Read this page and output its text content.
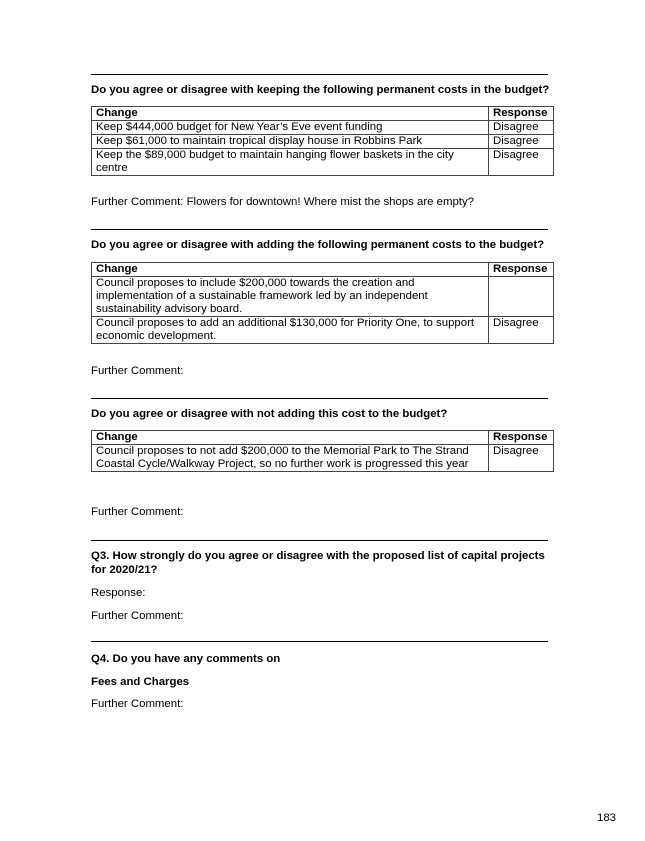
Do you agree or disagree with keeping the following permanent costs in the budget?
Change	Response
Keep $444,000 budget for New Year’s Eve event funding	Disagree
Keep $61,000 to maintain tropical display house in Robbins Park	Disagree
Keep the $89,000 budget to maintain hanging flower baskets in the city centre	Disagree
Further Comment: Flowers for downtown! Where mist the shops are empty?
Do you agree or disagree with adding the following permanent costs to the budget?
Change	Response
Council proposes to include $200,000 towards the creation and implementation of a sustainable framework led by an independent sustainability advisory board.	
Council proposes to add an additional $130,000 for Priority One, to support economic development.	Disagree
Further Comment:
Do you agree or disagree with not adding this cost to the budget?
Change	Response
Council proposes to not add $200,000 to the Memorial Park to The Strand Coastal Cycle/Walkway Project, so no further work is progressed this year	Disagree
Further Comment:
Q3. How strongly do you agree or disagree with the proposed list of capital projects for 2020/21?
Response:
Further Comment:
Q4. Do you have any comments on
Fees and Charges
Further Comment:
183
